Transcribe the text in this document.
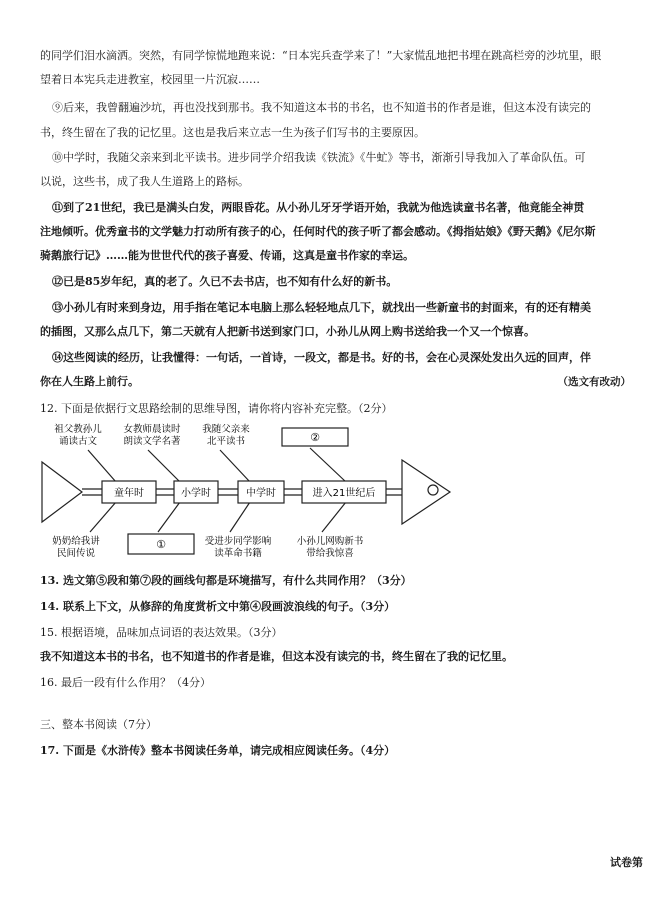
的同学们泪水滴洒。突然，有同学惊慌地跑来说：“日本宪兵查学来了！”大家慌乱地把书埋在跳高栏旁的沙坑里，眼
望着日本宪兵走进教室，校园里一片沉寂……
⑨后来，我曾翻遍沙坑，再也没找到那书。我不知道这本书的书名，也不知道书的作者是谁，但这本没有读完的
书，终生留在了我的记忆里。这也是我后来立志一生为孩子们写书的主要原因。
⑩中学时，我随父亲来到北平读书。进步同学介绍我读《铁流》《牛虻》等书，渐渐引导我加入了革命队伍。可
以说，这些书，成了我人生道路上的路标。
⑪到了21世纪，我已是满头白发，两眼昏花。从小孙儿牙牙学语开始，我就为他选读童书名著，他竟能全神贯
注地倾听。优秀童书的文学魅力打动所有孩子的心，任何时代的孩子听了都会感动。《拇指姑娘》《野天鹅》《尼尔斯
骑鹅旅行记》……能为世世代代的孩子喜爱、传诵，这真是童书作家的幸运。
⑫已是85岁年纪，真的老了。久已不去书店，也不知有什么好的新书。
⑬小孙儿有时来到身边，用手指在笔记本电脑上那么轻轻地点几下，就找出一些新童书的封面来，有的还有精美
的插图，又那么点几下，第二天就有人把新书送到家门口，小孙儿从网上购书送给我一个又一个惊喜。
⑭这些阅读的经历，让我懂得：一句话，一首诗，一段文，都是书。好的书，会在心灵深处发出久远的回声，伴
你在人生路上前行。	（选文有改动）
12. 下面是依据行文思路绘制的思维导图，请你将内容补充完整。（2分）
童年时	小学时	中学时	进入21世纪后
祖父教孙儿
诵读古文
女教师晨读时
朗读文学名著
我随父亲来
北平读书	②
奶奶给我讲
民间传说
①	受进步同学影响
读革命书籍
小孙儿网购新书
带给我惊喜
13. 选文第⑤段和第⑦段的画线句都是环境描写，有什么共同作用？（3分）
14. 联系上下文，从修辞的角度赏析文中第④段画波浪线的句子。（3分）
15. 根据语境，品味加点词语的表达效果。（3分）
我不知道这本书的书名，也不知道书的作者是谁，但这本没有读完的书，终生留在了我的记忆里。
16. 最后一段有什么作用？（4分）
三、整本书阅读（7分）
17. 下面是《水浒传》整本书阅读任务单，请完成相应阅读任务。（4分）
试卷第
